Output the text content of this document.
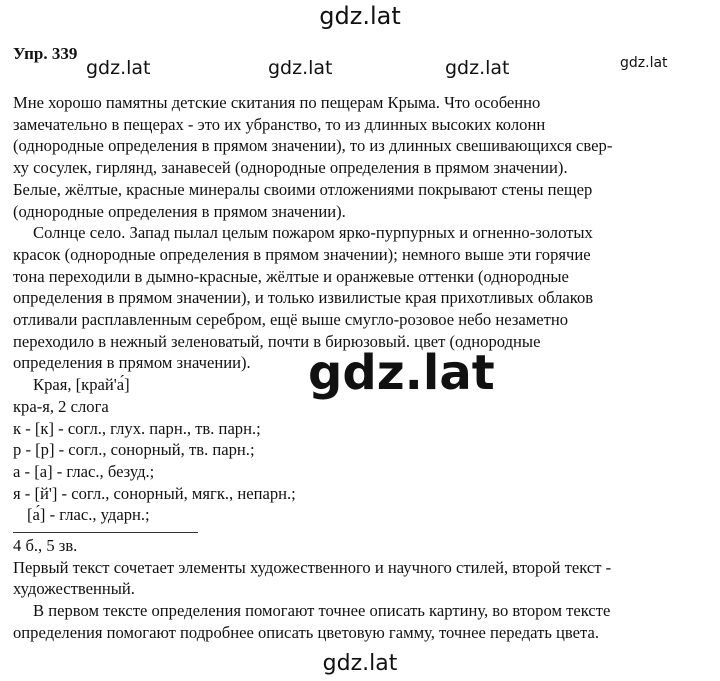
gdz.lat
gdz.lat	gdz.lat	gdz.lat	gdz.lat
Упр. 339
Мне хорошо памятны детские скитания по пещерам Крыма. Что особенно
замечательно в пещерах - это их убранство, то из длинных высоких колонн
(однородные определения в прямом значении), то из длинных свешивающихся свер-
ху сосулек, гирлянд, занавесей (однородные определения в прямом значении).
Белые, жёлтые, красные минералы своими отложениями покрывают стены пещер
(однородные определения в прямом значении).
Солнце село. Запад пылал целым пожаром ярко-пурпурных и огненно-золотых
красок (однородные определения в прямом значении); немного выше эти горячие
тона переходили в дымно-красные, жёлтые и оранжевые оттенки (однородные
определения в прямом значении), и только извилистые края прихотливых облаков
отливали расплавленным серебром, ещё выше смугло-розовое небо незаметно
переходило в нежный зеленоватый, почти в бирюзовый. цвет (однородные
определения в прямом значении).
Края, [край'а́]
кра-я, 2 слога
к - [к] - согл., глух. парн., тв. парн.;
р - [р] - согл., сонорный, тв. парн.;
а - [а] - глас., безуд.;
я - [й'] - согл., сонорный, мягк., непарн.;
[а́] - глас., ударн.;
4 б., 5 зв.
Первый текст сочетает элементы художественного и научного стилей, второй текст -
художественный.
В первом тексте определения помогают точнее описать картину, во втором тексте
определения помогают подробнее описать цветовую гамму, точнее передать цвета.
gdz.lat
gdz.lat
